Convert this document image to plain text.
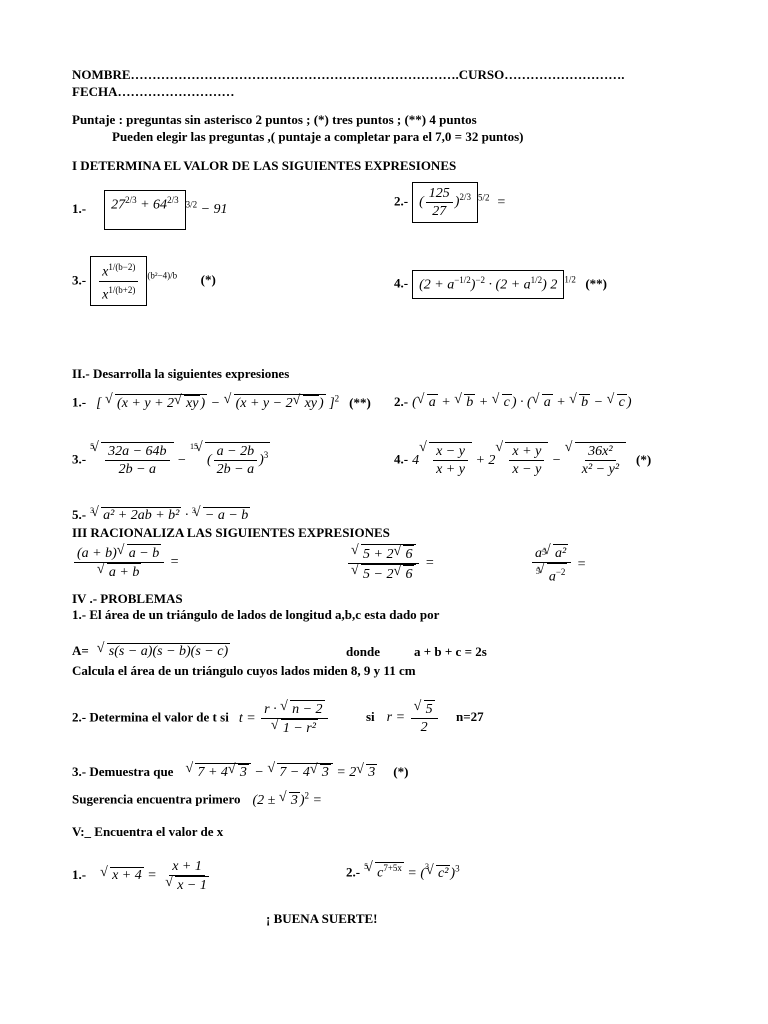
NOMBRE………………………………………………………………….CURSO……………………….
FECHA………………………
Puntaje : preguntas sin asterisco 2 puntos ; (*) tres puntos ; (**) 4 puntos
Pueden elegir las preguntas ,( puntaje a completar para el 7,0 = 32 puntos)
I DETERMINA EL VALOR DE LAS SIGUIENTES EXPRESIONES
1.- $27^{2/3} + 64^{2/3}$ $^{3/2}$ − 91
2.- ( $\frac{125}{27} )^{2/3}$ $^{5/2}$  =
$3.- \frac{x^{1/(b-2)}}{x^{1/(b+2)}} ^{(b^2-4)/b}$ (*)	4.- $(2 + a^{-1/2})^{-2} \cdot (2 + a^{1/2})$ 2 $^{1/2}$ (**)
II.- Desarrolla la siguientes expresiones
1.- [ √ (x + y + 2√ xy ) − √ (x + y − 2√ xy ) ]$^2$ (**) 2.- (√ a + √ b + √ c ) · (√ a + √ b − √ c )
3.- $^5$
√ $\frac{32a - 64b}{2b - a} - ^{15}√$ ( $\frac{a - 2b}{2b - a} )^3$	4.- 4
√ $\frac{x - y}{x + y} + 2$
√ $\frac{x + y}{x - y}$ −
√ $\frac{\text{36x²}}{\text{x² − y²}}$ (*)
5.- $^3$√ a² + 2ab + b² · $^3$√ − a − b
III RACIONALIZA LAS SIGUIENTES EXPRESIONES
(a + b)√ a − b
√ a + b =
√	5 + 2√ 6
√ 5 − 2√ 6 =	$\frac{a^5√ a^2}{^5√ a^{-2}}$ =
IV .- PROBLEMAS
1.- El área de un triángulo de lados de longitud a,b,c esta dado por
A= √ s(s − a)(s − b)(s − c)	donde	a + b + c = 2s
Calcula el área de un triángulo cuyos lados miden 8, 9 y 11 cm
2.- Determina el valor de t si t = r · √ n − 2
√ 1 − r²	si r =
√ $\frac{5}{2} n=27$
3.- Demuestra que √ 7 + 4√ 3 − √ 7 − 4√ 3 = 2√ 3 (*)
Sugerencia encuentra primero (2 ± √ 3 )$^2$ =
V:_ Encuentra el valor de x
1.- √ x + 4 = x + 1
√ x − 1	2.- $^5$√ $c^{7+5x} = (^3√$ c² )$^3$
¡ BUENA SUERTE!
